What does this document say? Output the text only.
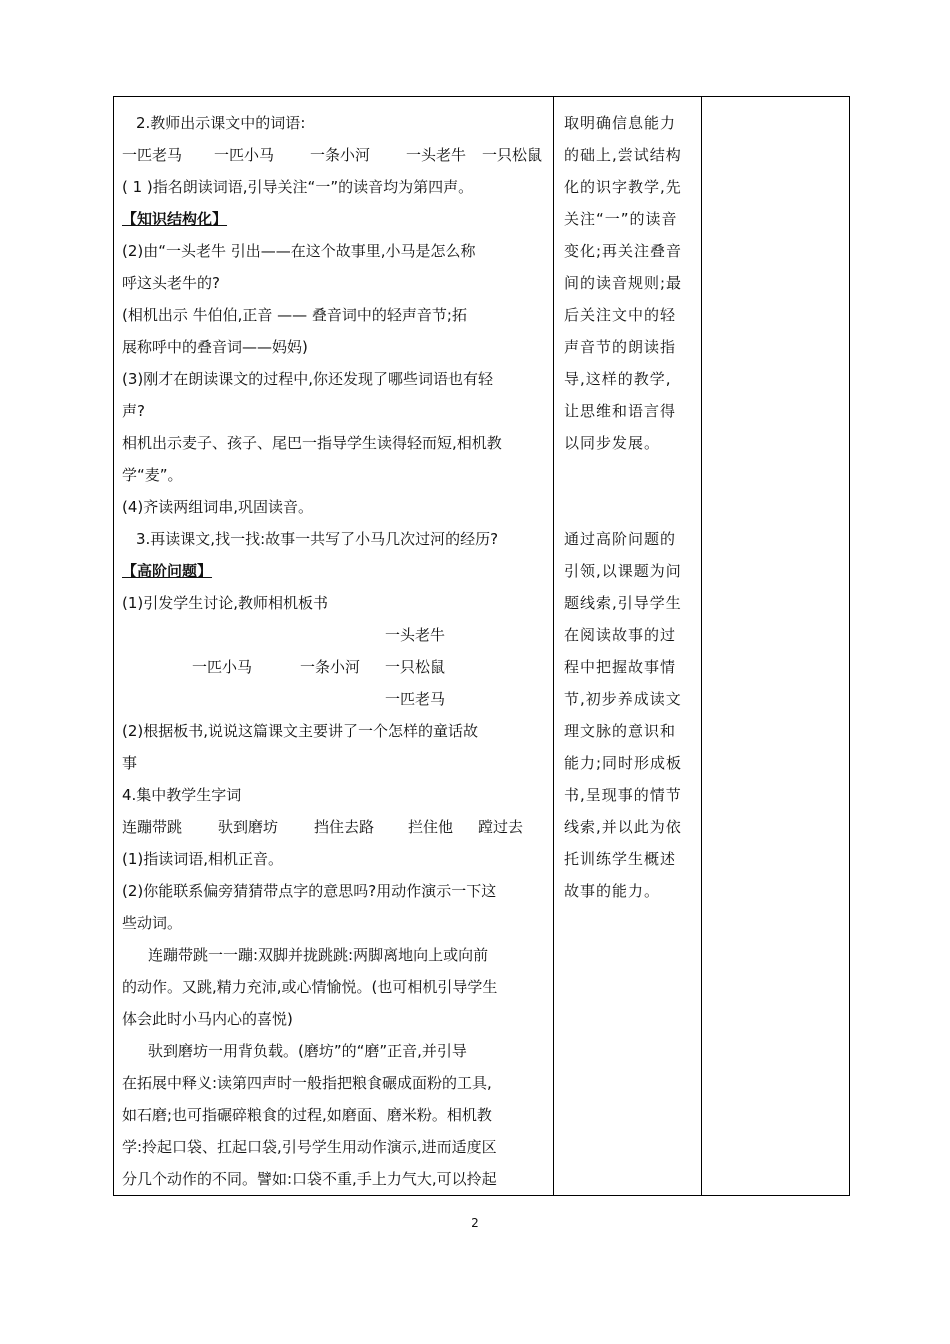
2.教师出示课文中的词语:
一匹老马	一匹小马	一条小河	一头老牛	一只松鼠
( 1 )指名朗读词语,引导关注“一”的读音均为第四声。
【知识结构化】
(2)由“一头老牛 引出——在这个故事里,小马是怎么称
呼这头老牛的?
(相机出示 牛伯伯,正音 —— 叠音词中的轻声音节;拓
展称呼中的叠音词——妈妈)
(3)刚才在朗读课文的过程中,你还发现了哪些词语也有轻
声?
相机出示麦子、孩子、尾巴一指导学生读得轻而短,相机教
学“麦”。
(4)齐读两组词串,巩固读音。
3.再读课文,找一找:故事一共写了小马几次过河的经历?
【高阶问题】
(1)引发学生讨论,教师相机板书
一头老牛
一匹小马	一条小河 一只松鼠
一匹老马
(2)根据板书,说说这篇课文主要讲了一个怎样的童话故
事
4.集中教学生字词
连蹦带跳	驮到磨坊	挡住去路	拦住他	蹚过去
(1)指读词语,相机正音。
(2)你能联系偏旁猜猜带点字的意思吗?用动作演示一下这
些动词。
连蹦带跳一一蹦:双脚并拢跳跳:两脚离地向上或向前
的动作。又跳,精力充沛,或心情愉悦。(也可相机引导学生
体会此时小马内心的喜悦)
驮到磨坊一用背负载。(磨坊”的“磨”正音,并引导
在拓展中释义:读第四声时一般指把粮食碾成面粉的工具,
如石磨;也可指碾碎粮食的过程,如磨面、磨米粉。相机教
学:拎起口袋、扛起口袋,引号学生用动作演示,进而适度区
分几个动作的不同。譬如:口袋不重,手上力气大,可以拎起

取明确信息能力
的础上,尝试结构
化的识字教学,先
关注“一”的读音
变化;再关注叠音
间的读音规则;最
后关注文中的轻
声音节的朗读指
导,这样的教学,
让思维和语言得
以同步发展。
通过高阶问题的
引领,以课题为问
题线索,引导学生
在阅读故事的过
程中把握故事情
节,初步养成读文
理文脉的意识和
能力;同时形成板
书,呈现事的情节
线索,并以此为依
托训练学生概述
故事的能力。

2
